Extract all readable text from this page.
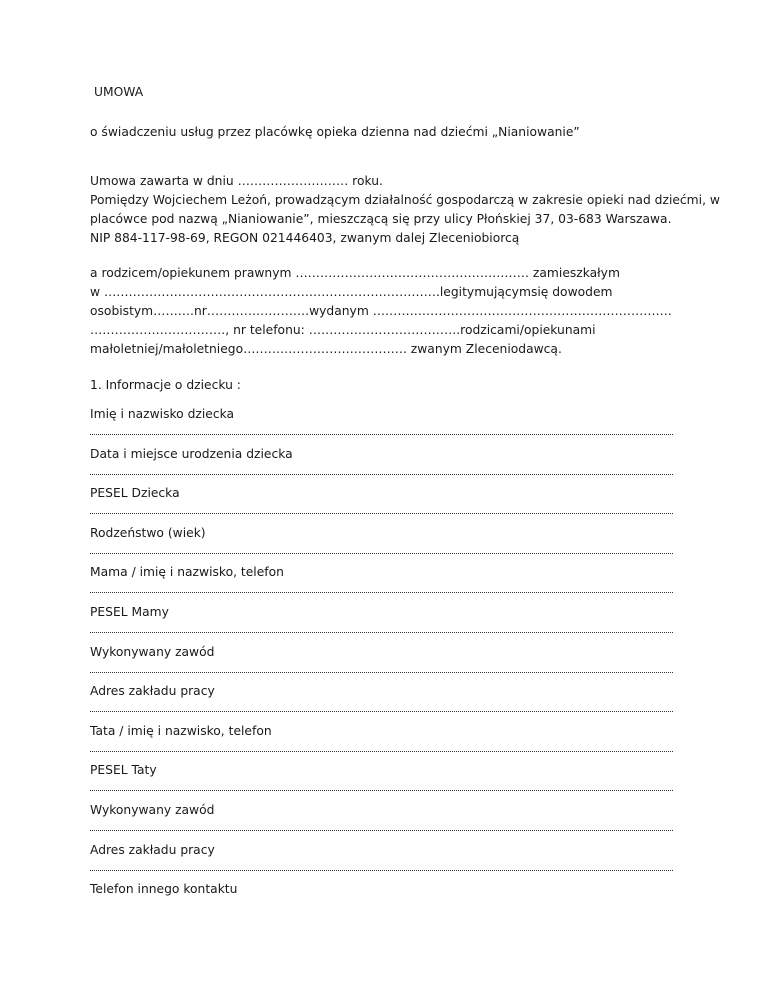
UMOWA
o świadczeniu usług przez placówkę opieka dzienna nad dziećmi „Nianiowanie”
Umowa zawarta w dniu ……………………… roku.
Pomiędzy Wojciechem Leżoń, prowadzącym działalność gospodarczą w zakresie opieki nad dziećmi, w
placówce pod nazwą „Nianiowanie”, mieszczącą się przy ulicy Płońskiej 37, 03-683 Warszawa.
NIP 884-117-98-69, REGON 021446403, zwanym dalej Zleceniobiorcą
a rodzicem/opiekunem prawnym ………………………………………………… zamieszkałym
w ………………………………………………………………………. legitymującym się dowodem
osobistym……….nr…………………….wydanym ……………………………………………………………….
……………………………, nr telefonu: ……………………………….rodzicami/opiekunami
małoletniej/małoletniego…………………………………. zwanym Zleceniodawcą.
1. Informacje o dziecku :
Imię i nazwisko dziecka
Data i miejsce urodzenia dziecka
PESEL Dziecka
Rodzeństwo (wiek)
Mama / imię i nazwisko, telefon
PESEL Mamy
Wykonywany zawód
Adres zakładu pracy
Tata / imię i nazwisko, telefon
PESEL Taty
Wykonywany zawód
Adres zakładu pracy
Telefon innego kontaktu
